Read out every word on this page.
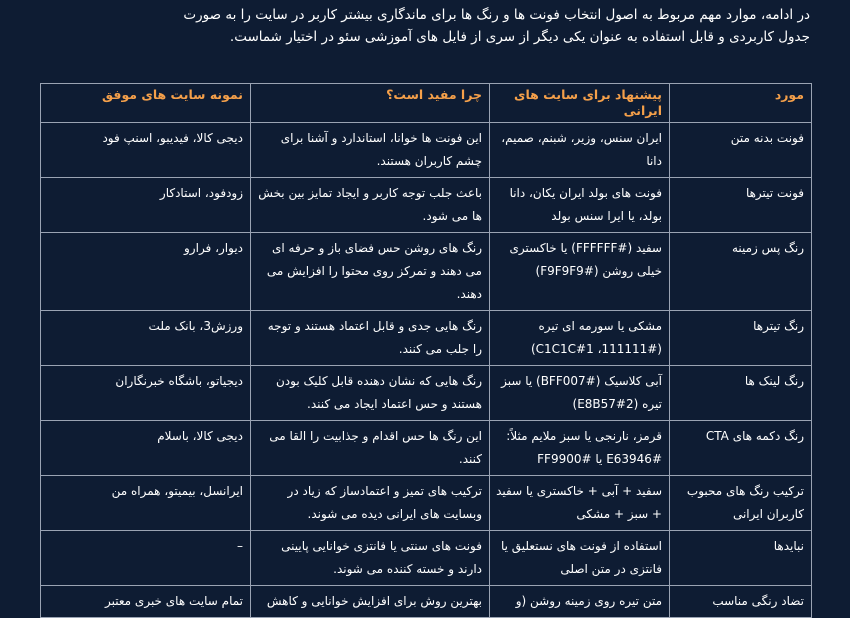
در ادامه، موارد مهم مربوط به اصول انتخاب فونت ها و رنگ ها برای ماندگاری بیشتر کاربر در سایت را به صورت
جدول کاربردی و قابل استفاده به عنوان یکی دیگر از سری از فایل های آموزشی سئو در اختیار شماست.
مورد	پیشنهاد برای سایت های ایرانی	چرا مفید است؟	نمونه سایت های موفق
فونت بدنه متن	ایران سنس، وزیر، شبنم، صمیم، دانا	این فونت ها خوانا، استاندارد و آشنا برای چشم کاربران هستند.	دیجی کالا، فیدیبو، اسنپ فود
فونت تیترها	فونت های بولد ایران یکان، دانا بولد، یا ایرا سنس بولد	باعث جلب توجه کاربر و ایجاد تمایز بین بخش ها می شود.	زودفود، استادکار
رنگ پس زمینه	سفید (#FFFFFF) یا خاکستری خیلی روشن (#F9F9F9)	رنگ های روشن حس فضای باز و حرفه ای می دهند و تمرکز روی محتوا را افزایش می دهند.	دیوار، فرارو
رنگ تیترها	مشکی یا سورمه ای تیره (#111111، C1C1C#1)	رنگ هایی جدی و قابل اعتماد هستند و توجه را جلب می کنند.	ورزش3، بانک ملت
رنگ لینک ها	آبی کلاسیک (#BFF007) یا سبز تیره (E8B57#2)	رنگ هایی که نشان دهنده قابل کلیک بودن هستند و حس اعتماد ایجاد می کنند.	دیجیاتو، باشگاه خبرنگاران
رنگ دکمه های CTA	قرمز، نارنجی یا سبز ملایم مثلاً: E63946# یا FF9900#	این رنگ ها حس اقدام و جذابیت را القا می کنند.	دیجی کالا، باسلام
ترکیب رنگ های محبوب کاربران ایرانی	سفید + آبی + خاکستری یا سفید + سبز + مشکی	ترکیب های تمیز و اعتمادساز که زیاد در وبسایت های ایرانی دیده می شوند.	ایرانسل، بیمیتو، همراه من
نبایدها	استفاده از فونت های نستعلیق یا فانتزی در متن اصلی	فونت های سنتی یا فانتزی خوانایی پایینی دارند و خسته کننده می شوند.	–
تضاد رنگی مناسب	متن تیره روی زمینه روشن (و	بهترین روش برای افزایش خوانایی و کاهش	تمام سایت های خبری معتبر
